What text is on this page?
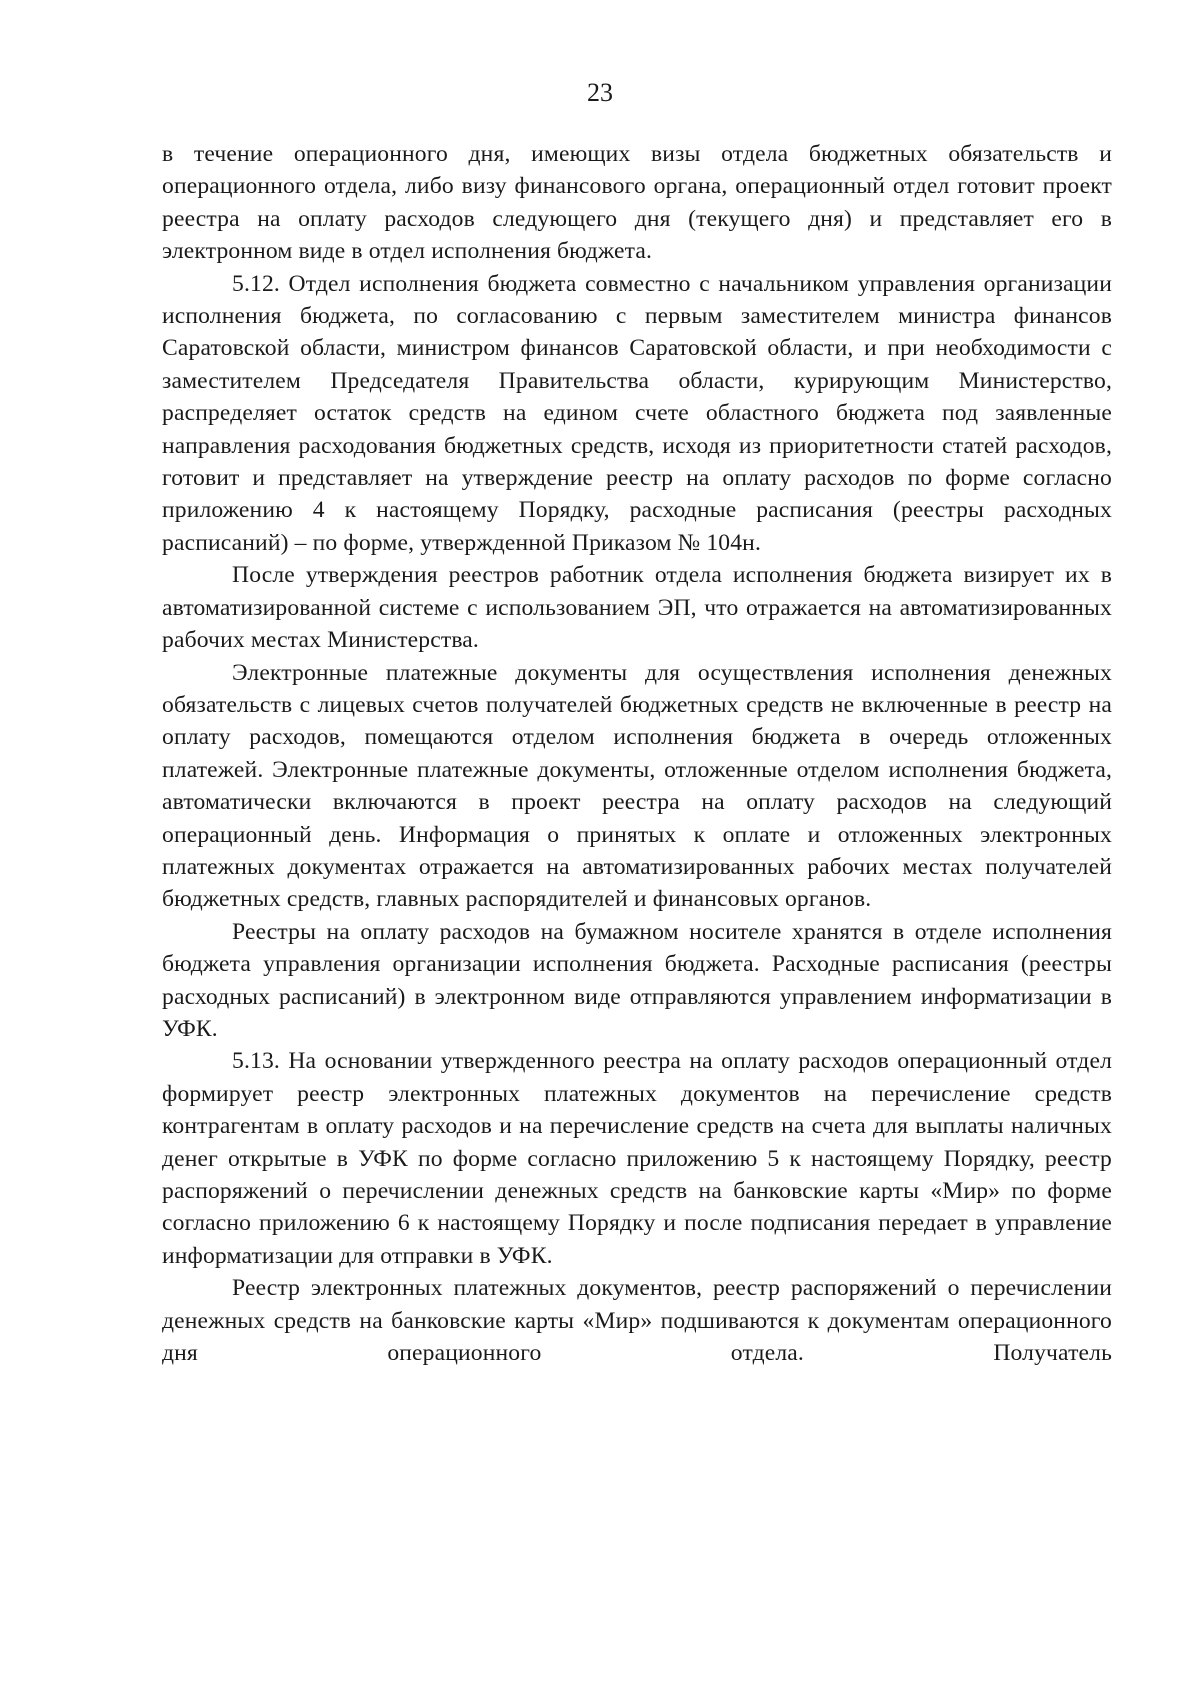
23

в течение операционного дня, имеющих визы отдела бюджетных обязательств и операционного отдела, либо визу финансового органа, операционный отдел готовит проект реестра на оплату расходов следующего дня (текущего дня) и представляет его в электронном виде в отдел исполнения бюджета.

5.12. Отдел исполнения бюджета совместно с начальником управления организации исполнения бюджета, по согласованию с первым заместителем министра финансов Саратовской области, министром финансов Саратовской области, и при необходимости с заместителем Председателя Правительства области, курирующим Министерство, распределяет остаток средств на едином счете областного бюджета под заявленные направления расходования бюджетных средств, исходя из приоритетности статей расходов, готовит и представляет на утверждение реестр на оплату расходов по форме согласно приложению 4 к настоящему Порядку, расходные расписания (реестры расходных расписаний) – по форме, утвержденной Приказом № 104н.

После утверждения реестров работник отдела исполнения бюджета визирует их в автоматизированной системе с использованием ЭП, что отражается на автоматизированных рабочих местах Министерства.

Электронные платежные документы для осуществления исполнения денежных обязательств с лицевых счетов получателей бюджетных средств не включенные в реестр на оплату расходов, помещаются отделом исполнения бюджета в очередь отложенных платежей. Электронные платежные документы, отложенные отделом исполнения бюджета, автоматически включаются в проект реестра на оплату расходов на следующий операционный день. Информация о принятых к оплате и отложенных электронных платежных документах отражается на автоматизированных рабочих местах получателей бюджетных средств, главных распорядителей и финансовых органов.

Реестры на оплату расходов на бумажном носителе хранятся в отделе исполнения бюджета управления организации исполнения бюджета. Расходные расписания (реестры расходных расписаний) в электронном виде отправляются управлением информатизации в УФК.

5.13. На основании утвержденного реестра на оплату расходов операционный отдел формирует реестр электронных платежных документов на перечисление средств контрагентам в оплату расходов и на перечисление средств на счета для выплаты наличных денег открытые в УФК по форме согласно приложению 5 к настоящему Порядку, реестр распоряжений о перечислении денежных средств на банковские карты «Мир» по форме согласно приложению 6 к настоящему Порядку и после подписания передает в управление информатизации для отправки в УФК.

Реестр электронных платежных документов, реестр распоряжений о перечислении денежных средств на банковские карты «Мир» подшиваются к документам операционного дня операционного отдела. Получатель
